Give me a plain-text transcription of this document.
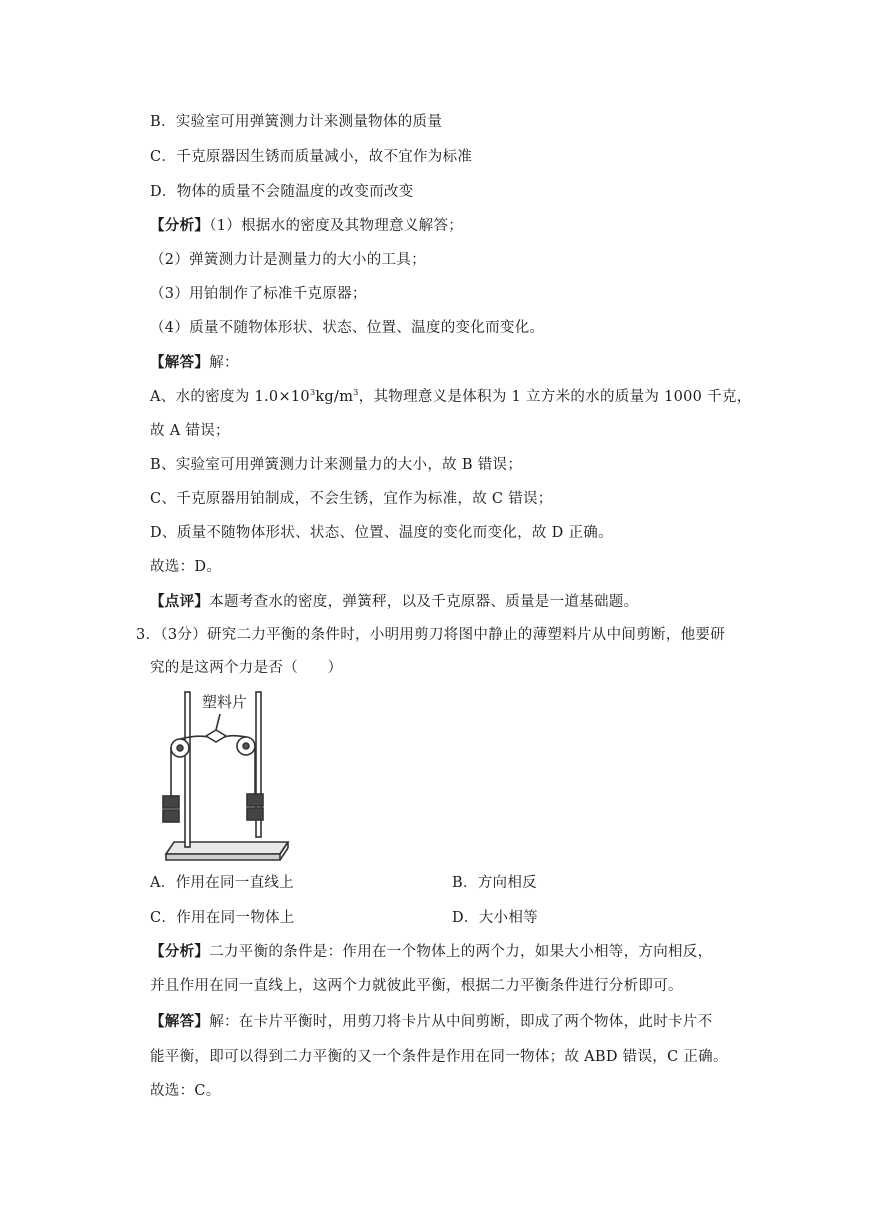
B．实验室可用弹簧测力计来测量物体的质量
C．千克原器因生锈而质量减小，故不宜作为标准
D．物体的质量不会随温度的改变而改变
【分析】（1）根据水的密度及其物理意义解答；
（2）弹簧测力计是测量力的大小的工具；
（3）用铂制作了标准千克原器；
（4）质量不随物体形状、状态、位置、温度的变化而变化。
【解答】解：
A、水的密度为 $1.0\times 10^3kg/m^3$，其物理意义是体积为 1 立方米的水的质量为 1000 千克，
故 A 错误；
B、实验室可用弹簧测力计来测量力的大小，故 B 错误；
C、千克原器用铂制成，不会生锈，宜作为标准，故 C 错误；
D、质量不随物体形状、状态、位置、温度的变化而变化，故 D 正确。
故选：D。
【点评】本题考查水的密度，弹簧秤，以及千克原器、质量是一道基础题。
3．（3分）研究二力平衡的条件时，小明用剪刀将图中静止的薄塑料片从中间剪断，他要研
究的是这两个力是否（　　）
塑料片
A．作用在同一直线上	B．方向相反
C．作用在同一物体上	D．大小相等
【分析】二力平衡的条件是：作用在一个物体上的两个力，如果大小相等，方向相反，
并且作用在同一直线上，这两个力就彼此平衡，根据二力平衡条件进行分析即可。
【解答】解：在卡片平衡时，用剪刀将卡片从中间剪断，即成了两个物体，此时卡片不
能平衡，即可以得到二力平衡的又一个条件是作用在同一物体；故 ABD 错误，C 正确。
故选：C。
